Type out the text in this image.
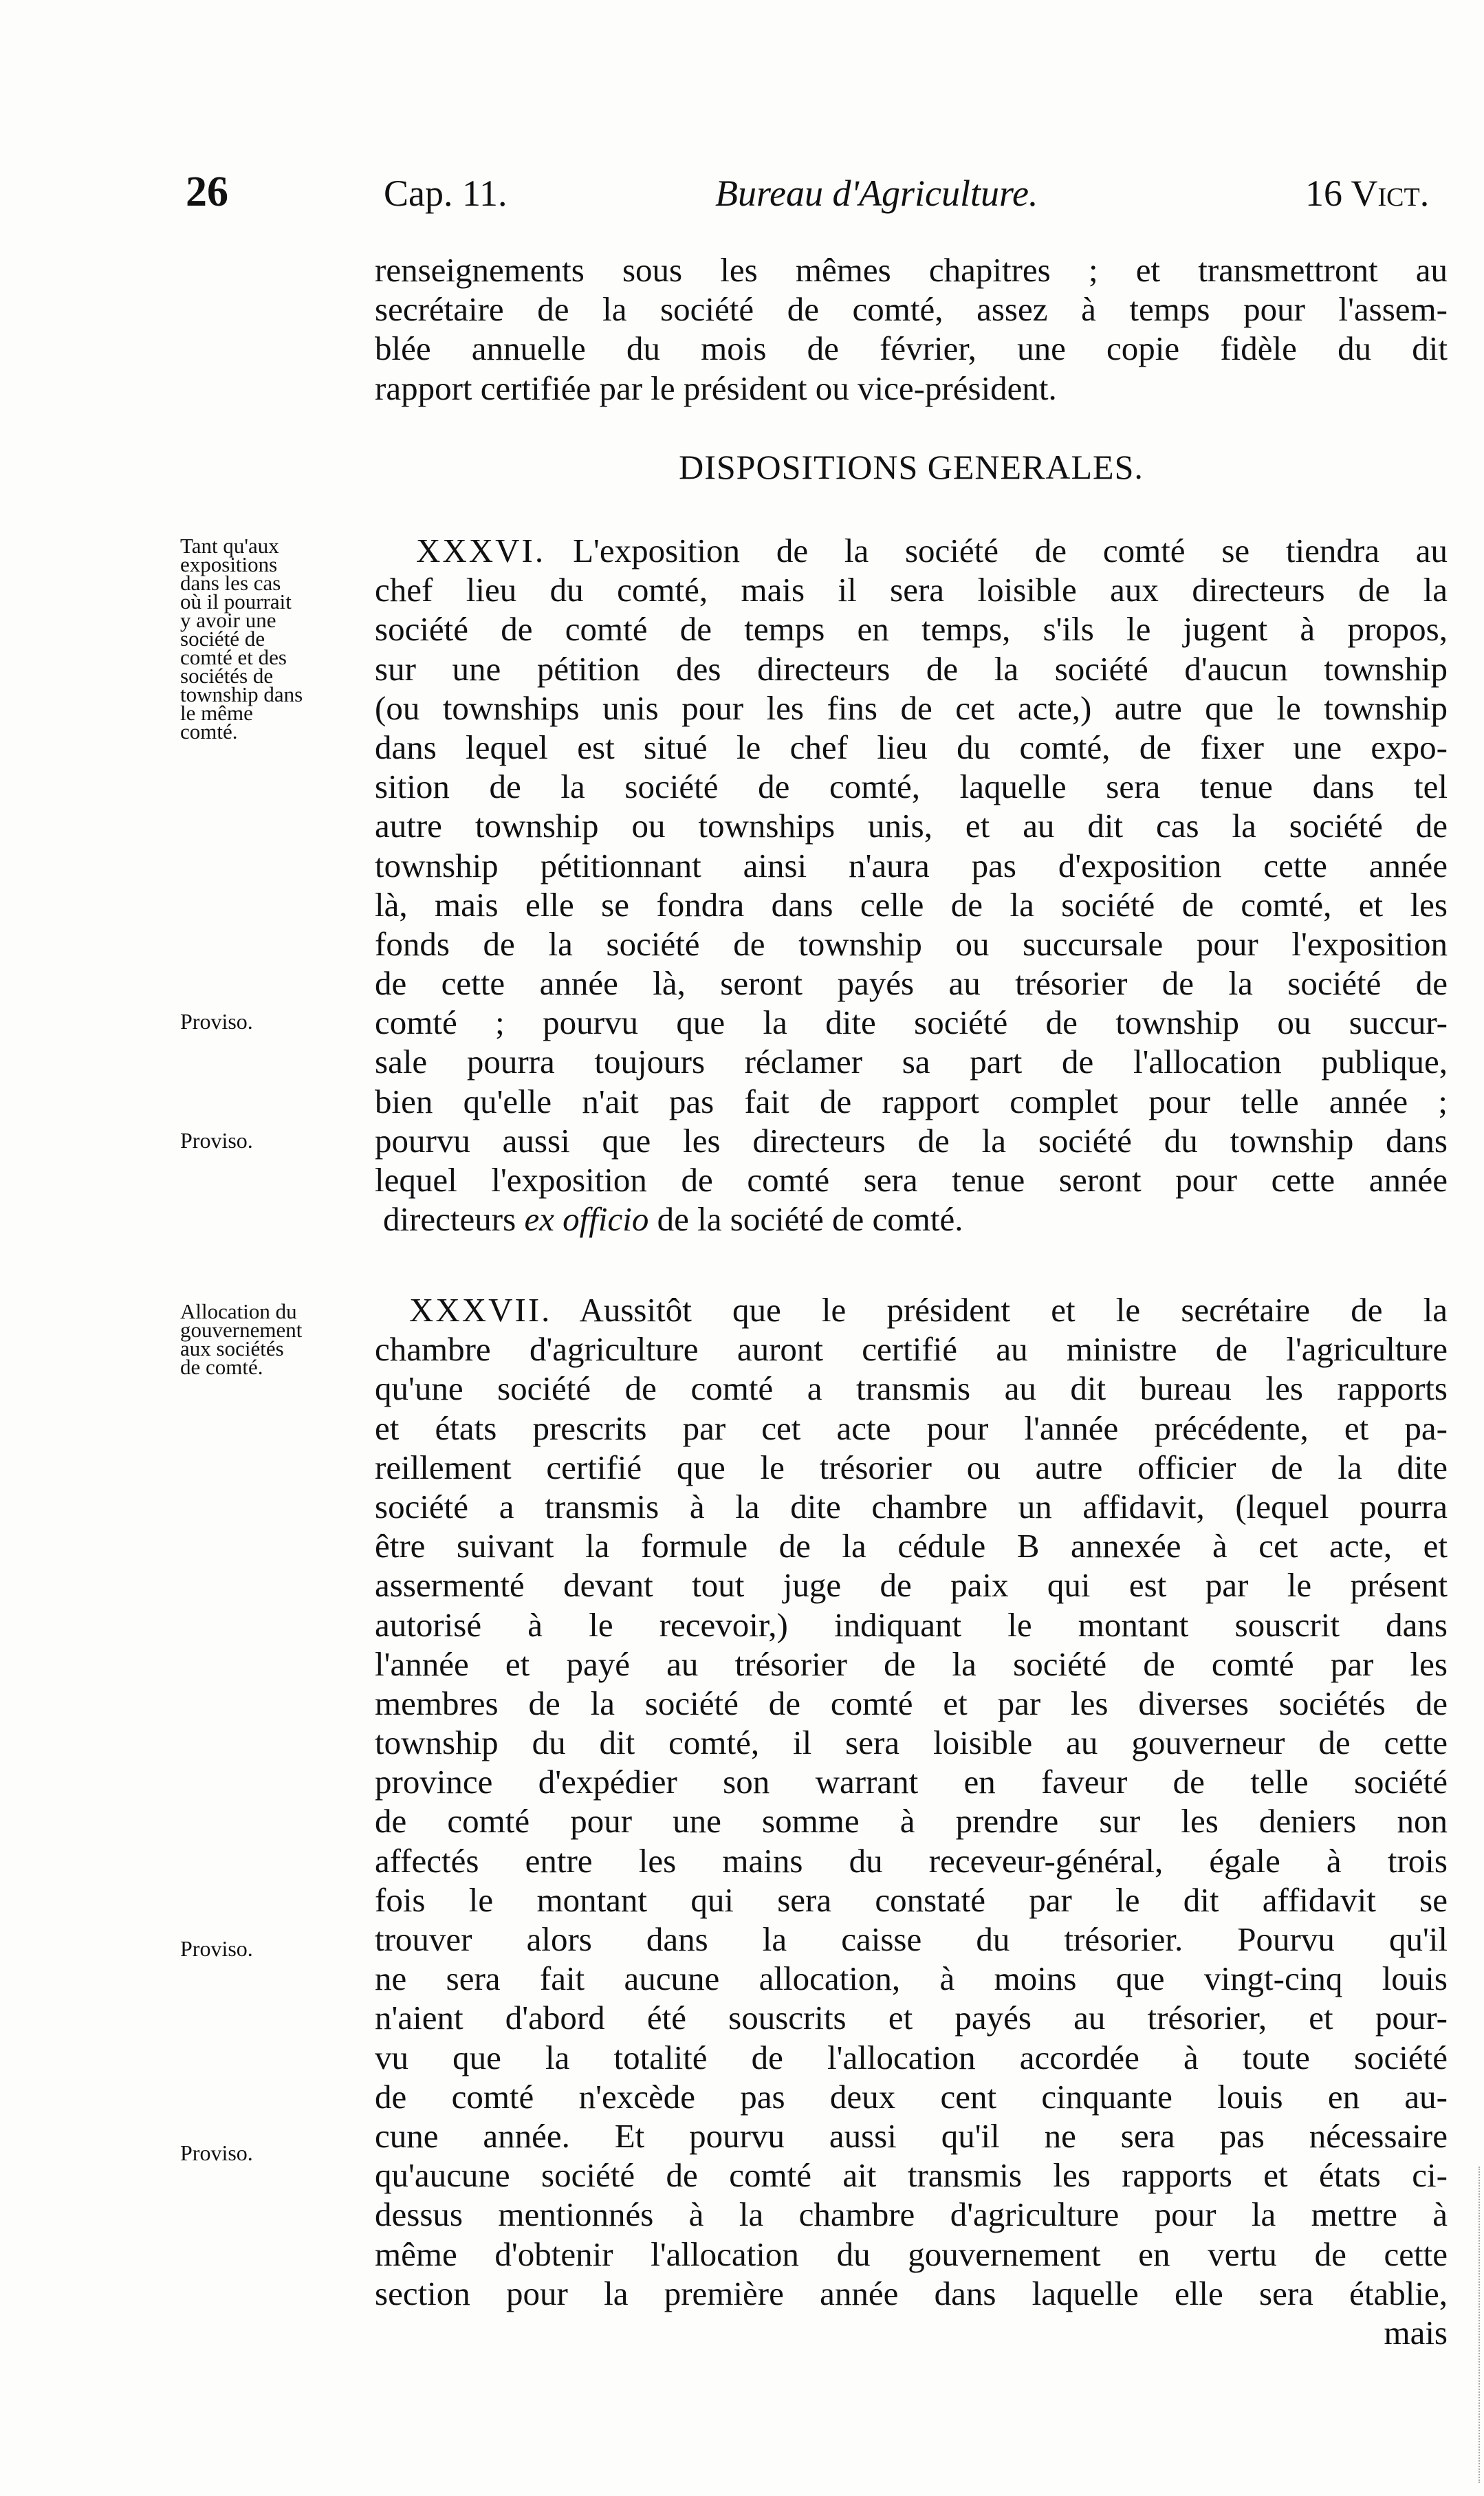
26	Cap. 11.	Bureau d'Agriculture.	16 Vict.
renseignements sous les mêmes chapitres ; et transmettront au
secrétaire de la société de comté, assez à temps pour l'assem-
blée annuelle du mois de février, une copie fidèle du dit
rapport certifiée par le président ou vice-président.
DISPOSITIONS GENERALES.
Tant qu'aux
expositions
dans les cas
où il pourrait
y avoir une
société de
comté et des
sociétés de
township dans
le même
comté.
Proviso.
Proviso.
XXXVI. L'exposition de la société de comté se tiendra au
chef lieu du comté, mais il sera loisible aux directeurs de la
société de comté de temps en temps, s'ils le jugent à propos,
sur une pétition des directeurs de la société d'aucun township
(ou townships unis pour les fins de cet acte,) autre que le township
dans lequel est situé le chef lieu du comté, de fixer une expo-
sition de la société de comté, laquelle sera tenue dans tel
autre township ou townships unis, et au dit cas la société de
township pétitionnant ainsi n'aura pas d'exposition cette année
là, mais elle se fondra dans celle de la société de comté, et les
fonds de la société de township ou succursale pour l'exposition
de cette année là, seront payés au trésorier de la société de
comté ; pourvu que la dite société de township ou succur-
sale pourra toujours réclamer sa part de l'allocation publique,
bien qu'elle n'ait pas fait de rapport complet pour telle année ;
pourvu aussi que les directeurs de la société du township dans
lequel l'exposition de comté sera tenue seront pour cette année
directeurs ex officio de la société de comté.
Allocation du
gouvernement
aux sociétés
de comté.
Proviso.
Proviso.
XXXVII. Aussitôt que le président et le secrétaire de la
chambre d'agriculture auront certifié au ministre de l'agriculture
qu'une société de comté a transmis au dit bureau les rapports
et états prescrits par cet acte pour l'année précédente, et pa-
reillement certifié que le trésorier ou autre officier de la dite
société a transmis à la dite chambre un affidavit, (lequel pourra
être suivant la formule de la cédule B annexée à cet acte, et
assermenté devant tout juge de paix qui est par le présent
autorisé à le recevoir,) indiquant le montant souscrit dans
l'année et payé au trésorier de la société de comté par les
membres de la société de comté et par les diverses sociétés de
township du dit comté, il sera loisible au gouverneur de cette
province d'expédier son warrant en faveur de telle société
de comté pour une somme à prendre sur les deniers non
affectés entre les mains du receveur-général, égale à trois
fois le montant qui sera constaté par le dit affidavit se
trouver alors dans la caisse du trésorier. Pourvu qu'il
ne sera fait aucune allocation, à moins que vingt-cinq louis
n'aient d'abord été souscrits et payés au trésorier, et pour-
vu que la totalité de l'allocation accordée à toute société
de comté n'excède pas deux cent cinquante louis en au-
cune année. Et pourvu aussi qu'il ne sera pas nécessaire
qu'aucune société de comté ait transmis les rapports et états ci-
dessus mentionnés à la chambre d'agriculture pour la mettre à
même d'obtenir l'allocation du gouvernement en vertu de cette
section pour la première année dans laquelle elle sera établie,
mais
